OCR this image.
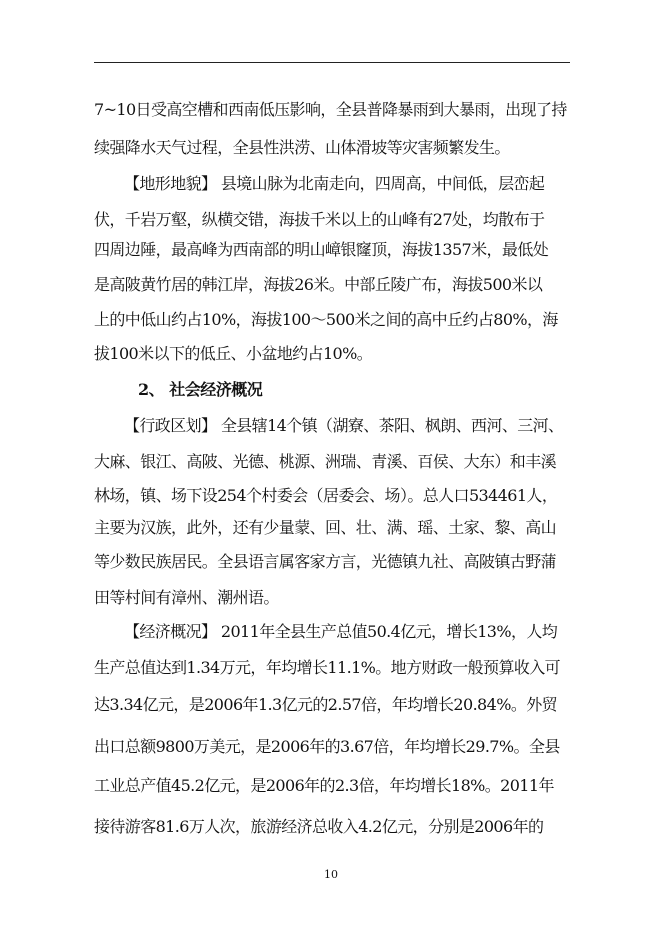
7~10日受高空槽和西南低压影响，全县普降暴雨到大暴雨，出现了持
续强降水天气过程，全县性洪涝、山体滑坡等灾害频繁发生。
【地形地貌】 县境山脉为北南走向，四周高，中间低，层峦起
伏，千岩万壑，纵横交错，海拔千米以上的山峰有27处，均散布于
四周边陲，最高峰为西南部的明山嶂银窿顶，海拔1357米，最低处
是高陂黄竹居的韩江岸，海拔26米。中部丘陵广布，海拔500米以
上的中低山约占10%，海拔100～500米之间的高中丘约占80%，海
拔100米以下的低丘、小盆地约占10%。
2、 社会经济概况
【行政区划】 全县辖14个镇（湖寮、茶阳、枫朗、西河、三河、
大麻、银江、高陂、光德、桃源、洲瑞、青溪、百侯、大东）和丰溪
林场，镇、场下设254个村委会（居委会、场）。总人口534461人，
主要为汉族，此外，还有少量蒙、回、壮、满、瑶、土家、黎、高山
等少数民族居民。全县语言属客家方言，光德镇九社、高陂镇古野蒲
田等村间有漳州、潮州语。
【经济概况】 2011年全县生产总值50.4亿元，增长13%，人均
生产总值达到1.34万元，年均增长11.1%。地方财政一般预算收入可
达3.34亿元，是2006年1.3亿元的2.57倍，年均增长20.84%。外贸
出口总额9800万美元，是2006年的3.67倍，年均增长29.7%。全县
工业总产值45.2亿元，是2006年的2.3倍，年均增长18%。2011年
接待游客81.6万人次，旅游经济总收入4.2亿元，分别是2006年的
10
